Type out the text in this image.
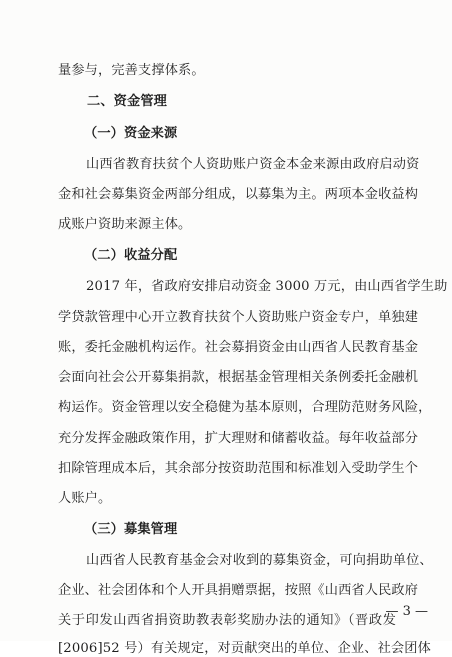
量参与，完善支撑体系。
二、资金管理
（一）资金来源
山西省教育扶贫个人资助账户资金本金来源由政府启动资
金和社会募集资金两部分组成，以募集为主。两项本金收益构
成账户资助来源主体。
（二）收益分配
2017 年，省政府安排启动资金 3000 万元，由山西省学生助
学贷款管理中心开立教育扶贫个人资助账户资金专户，单独建
账，委托金融机构运作。社会募捐资金由山西省人民教育基金
会面向社会公开募集捐款，根据基金管理相关条例委托金融机
构运作。资金管理以安全稳健为基本原则，合理防范财务风险，
充分发挥金融政策作用，扩大理财和储蓄收益。每年收益部分
扣除管理成本后，其余部分按资助范围和标准划入受助学生个
人账户。
（三）募集管理
山西省人民教育基金会对收到的募集资金，可向捐助单位、
企业、社会团体和个人开具捐赠票据，按照《山西省人民政府
关于印发山西省捐资助教表彰奖励办法的通知》（晋政发
[2006]52 号）有关规定，对贡献突出的单位、企业、社会团体
— 3 —
